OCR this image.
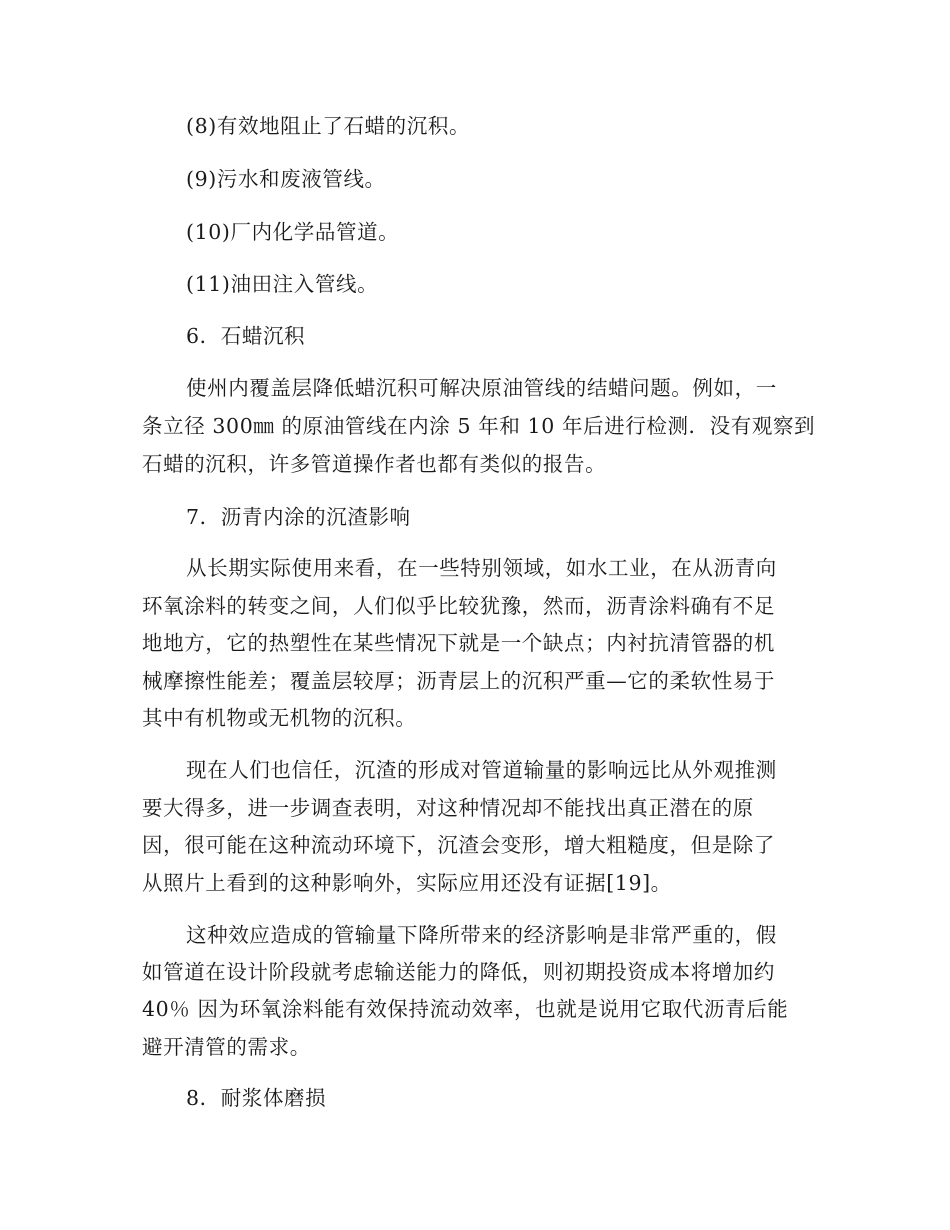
(8)有效地阻止了石蜡的沉积。
(9)污水和废液管线。
(10)厂内化学品管道。
(11)油田注入管线。
6．石蜡沉积
使州内覆盖层降低蜡沉积可解决原油管线的结蜡问题。例如，一
条立径 300㎜ 的原油管线在内涂 5 年和 10 年后进行检测．没有观察到
石蜡的沉积，许多管道操作者也都有类似的报告。
7．沥青内涂的沉渣影响
从长期实际使用来看，在一些特别领域，如水工业，在从沥青向
环氧涂料的转变之间，人们似乎比较犹豫，然而，沥青涂料确有不足
地地方，它的热塑性在某些情况下就是一个缺点；内衬抗清管器的机
械摩擦性能差；覆盖层较厚；沥青层上的沉积严重—它的柔软性易于
其中有机物或无机物的沉积。
现在人们也信任，沉渣的形成对管道输量的影响远比从外观推测
要大得多，进一步调查表明，对这种情况却不能找出真正潜在的原
因，很可能在这种流动环境下，沉渣会变形，增大粗糙度，但是除了
从照片上看到的这种影响外，实际应用还没有证据[19]。
这种效应造成的管输量下降所带来的经济影响是非常严重的，假
如管道在设计阶段就考虑输送能力的降低，则初期投资成本将增加约
40％ 因为环氧涂料能有效保持流动效率，也就是说用它取代沥青后能
避开清管的需求。
8．耐浆体磨损
